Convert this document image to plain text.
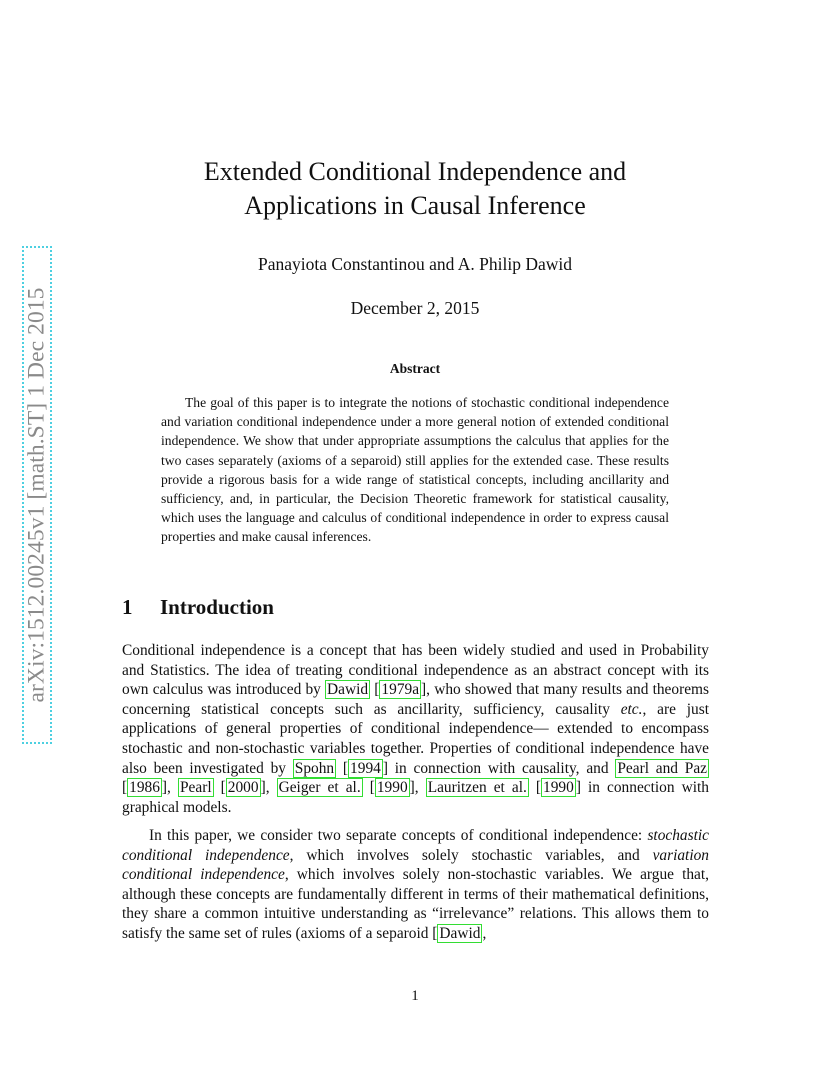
arXiv:1512.00245v1 [math.ST] 1 Dec 2015
Extended Conditional Independence and
Applications in Causal Inference
Panayiota Constantinou and A. Philip Dawid
December 2, 2015
Abstract

The goal of this paper is to integrate the notions of stochastic conditional independence and variation conditional independence under a more general notion of extended conditional independence. We show that under appropriate assumptions the calculus that applies for the two cases separately (axioms of a separoid) still applies for the extended case. These results provide a rigorous basis for a wide range of statistical concepts, including ancillarity and sufficiency, and, in particular, the Decision Theoretic framework for statistical causality, which uses the language and calculus of conditional independence in order to express causal properties and make causal inferences.

1 Introduction

Conditional independence is a concept that has been widely studied and used in Probability and Statistics. The idea of treating conditional independence as an abstract concept with its own calculus was introduced by Dawid [ 1979a ], who showed that many results and theorems concerning statistical concepts such as ancillarity, sufficiency, causality etc., are just applications of general properties of conditional independence— extended to encompass stochastic and non-stochastic variables together. Properties of conditional independence have also been investigated by Spohn [ 1994 ] in connection with causality, and Pearl and Paz [ 1986 ], Pearl [ 2000 ], Geiger et al. [ 1990 ], Lauritzen et al. [ 1990 ] in connection with graphical models.

In this paper, we consider two separate concepts of conditional independence: stochastic conditional independence, which involves solely stochastic variables, and variation conditional independence, which involves solely non-stochastic variables. We argue that, although these concepts are fundamentally different in terms of their mathematical definitions, they share a common intuitive understanding as “irrelevance” relations. This allows them to satisfy the same set of rules (axioms of a separoid [ Dawid ,

1
